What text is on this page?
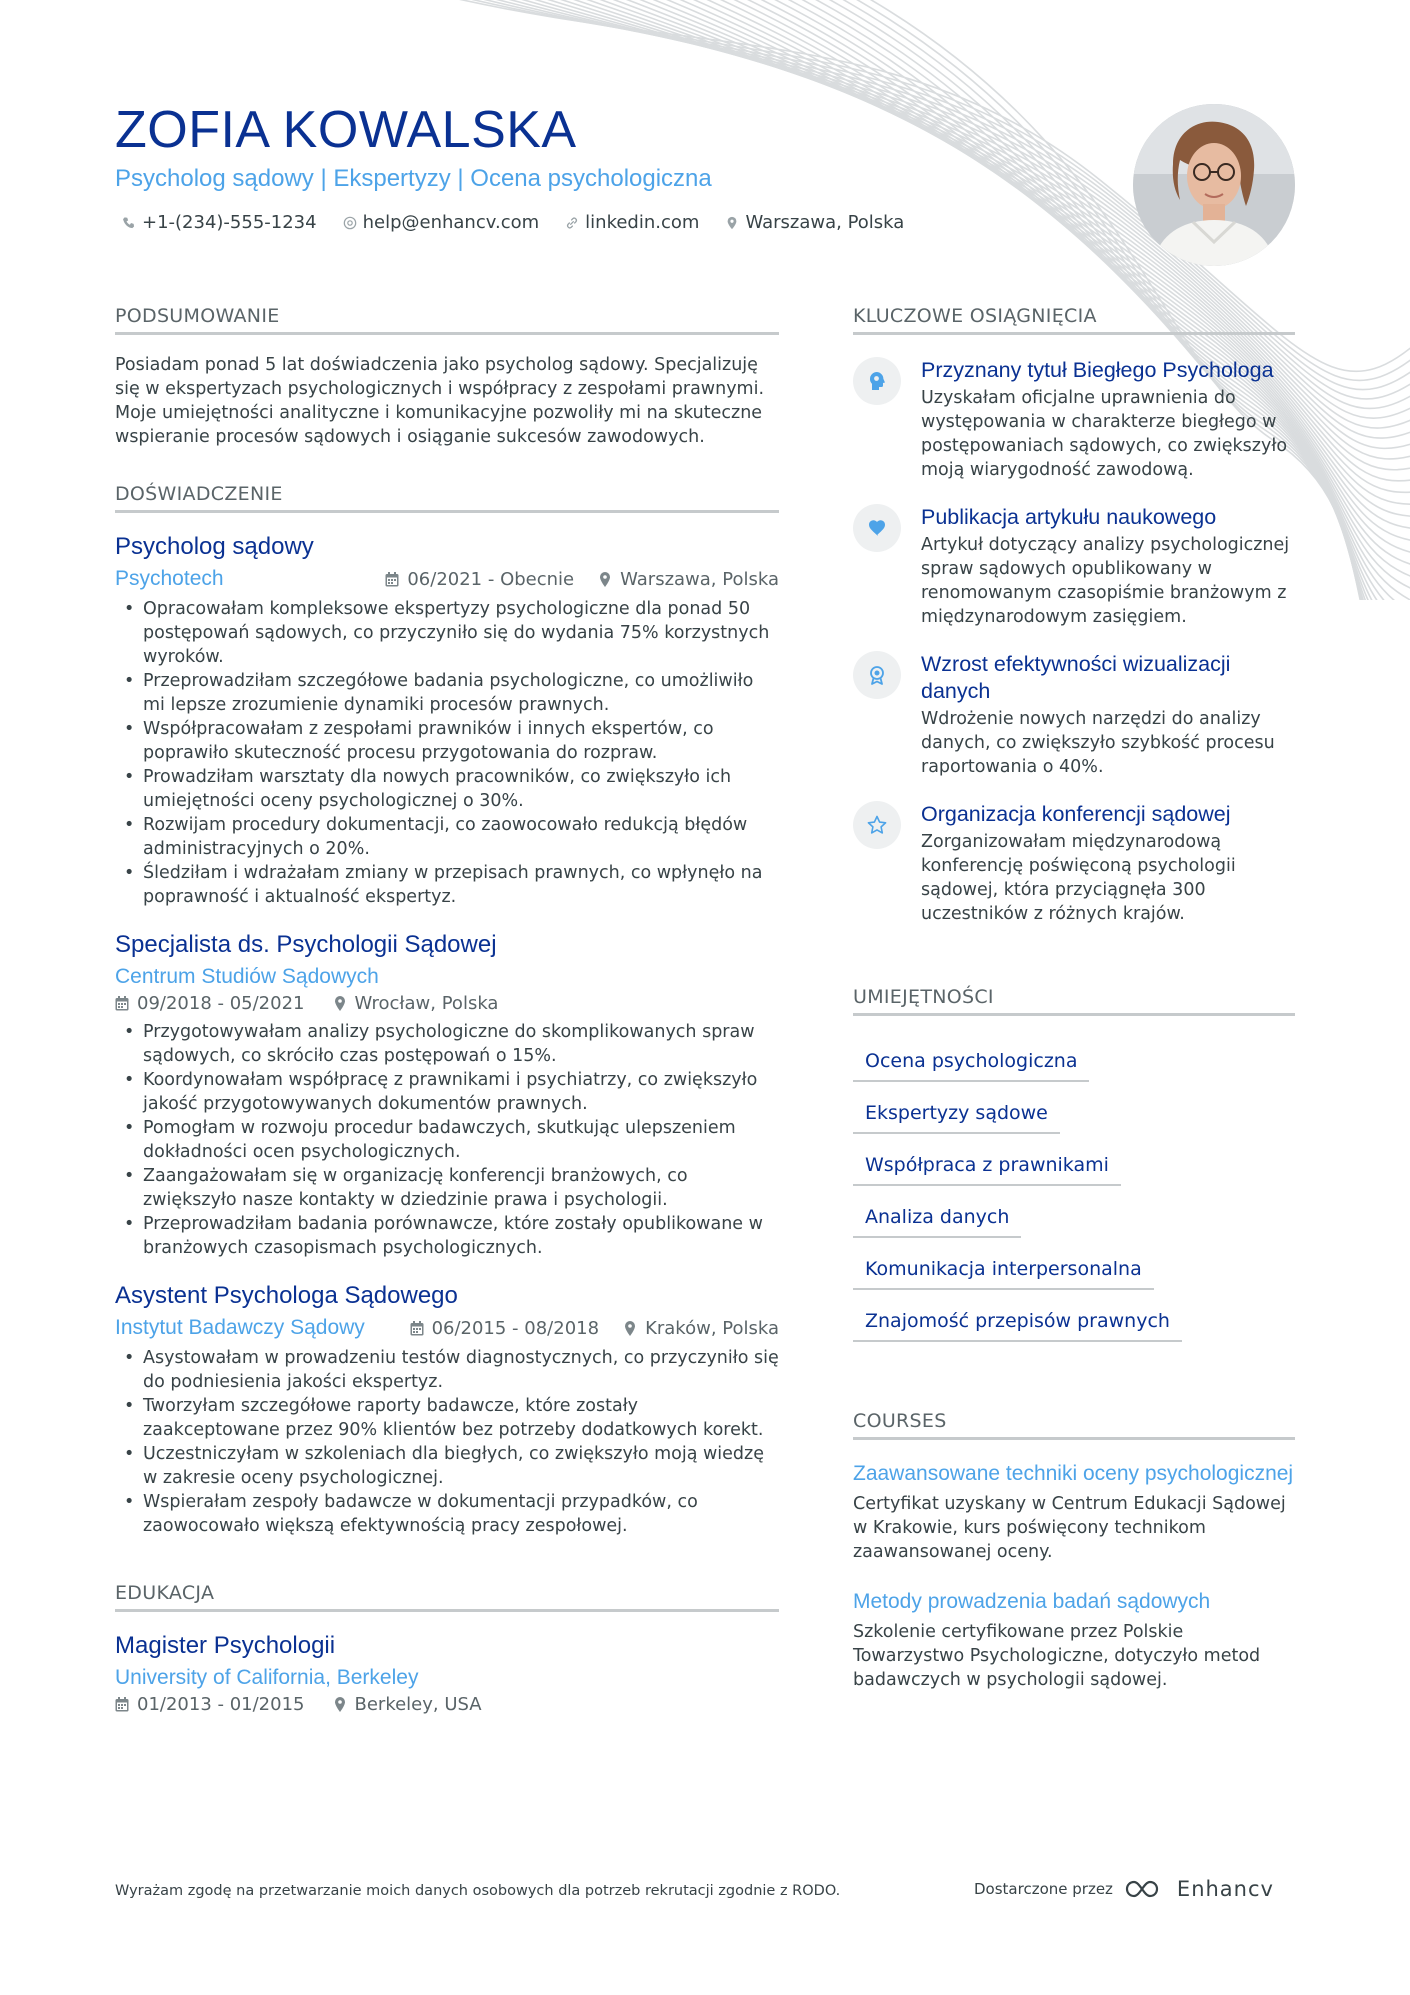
ZOFIA KOWALSKA
Psycholog sądowy | Ekspertyzy | Ocena psychologiczna
+1-(234)-555-1234	help@enhancv.com	linkedin.com	Warszawa, Polska
PODSUMOWANIE
Posiadam ponad 5 lat doświadczenia jako psycholog sądowy. Specjalizuję się w ekspertyzach psychologicznych i współpracy z zespołami prawnymi. Moje umiejętności analityczne i komunikacyjne pozwoliły mi na skuteczne wspieranie procesów sądowych i osiąganie sukcesów zawodowych.
DOŚWIADCZENIE
Psycholog sądowy
Psychotech	06/2021 - Obecnie	Warszawa, Polska
• Opracowałam kompleksowe ekspertyzy psychologiczne dla ponad 50 postępowań sądowych, co przyczyniło się do wydania 75% korzystnych wyroków.
• Przeprowadziłam szczegółowe badania psychologiczne, co umożliwiło mi lepsze zrozumienie dynamiki procesów prawnych.
• Współpracowałam z zespołami prawników i innych ekspertów, co poprawiło skuteczność procesu przygotowania do rozpraw.
• Prowadziłam warsztaty dla nowych pracowników, co zwiększyło ich umiejętności oceny psychologicznej o 30%.
• Rozwijam procedury dokumentacji, co zaowocowało redukcją błędów administracyjnych o 20%.
• Śledziłam i wdrażałam zmiany w przepisach prawnych, co wpłynęło na poprawność i aktualność ekspertyz.
Specjalista ds. Psychologii Sądowej
Centrum Studiów Sądowych
09/2018 - 05/2021	Wrocław, Polska
• Przygotowywałam analizy psychologiczne do skomplikowanych spraw sądowych, co skróciło czas postępowań o 15%.
• Koordynowałam współpracę z prawnikami i psychiatrzy, co zwiększyło jakość przygotowywanych dokumentów prawnych.
• Pomogłam w rozwoju procedur badawczych, skutkując ulepszeniem dokładności ocen psychologicznych.
• Zaangażowałam się w organizację konferencji branżowych, co zwiększyło nasze kontakty w dziedzinie prawa i psychologii.
• Przeprowadziłam badania porównawcze, które zostały opublikowane w branżowych czasopismach psychologicznych.
Asystent Psychologa Sądowego
Instytut Badawczy Sądowy	06/2015 - 08/2018	Kraków, Polska
• Asystowałam w prowadzeniu testów diagnostycznych, co przyczyniło się do podniesienia jakości ekspertyz.
• Tworzyłam szczegółowe raporty badawcze, które zostały zaakceptowane przez 90% klientów bez potrzeby dodatkowych korekt.
• Uczestniczyłam w szkoleniach dla biegłych, co zwiększyło moją wiedzę w zakresie oceny psychologicznej.
• Wspierałam zespoły badawcze w dokumentacji przypadków, co zaowocowało większą efektywnością pracy zespołowej.
EDUKACJA
Magister Psychologii
University of California, Berkeley
01/2013 - 01/2015	Berkeley, USA
KLUCZOWE OSIĄGNIĘCIA
Przyznany tytuł Biegłego Psychologa
Uzyskałam oficjalne uprawnienia do występowania w charakterze biegłego w postępowaniach sądowych, co zwiększyło moją wiarygodność zawodową.
Publikacja artykułu naukowego
Artykuł dotyczący analizy psychologicznej spraw sądowych opublikowany w renomowanym czasopiśmie branżowym z międzynarodowym zasięgiem.
Wzrost efektywności wizualizacji danych
Wdrożenie nowych narzędzi do analizy danych, co zwiększyło szybkość procesu raportowania o 40%.
Organizacja konferencji sądowej
Zorganizowałam międzynarodową konferencję poświęconą psychologii sądowej, która przyciągnęła 300 uczestników z różnych krajów.
UMIEJĘTNOŚCI
Ocena psychologiczna
Ekspertyzy sądowe
Współpraca z prawnikami
Analiza danych
Komunikacja interpersonalna
Znajomość przepisów prawnych
COURSES
Zaawansowane techniki oceny psychologicznej
Certyfikat uzyskany w Centrum Edukacji Sądowej w Krakowie, kurs poświęcony technikom zaawansowanej oceny.
Metody prowadzenia badań sądowych
Szkolenie certyfikowane przez Polskie Towarzystwo Psychologiczne, dotyczyło metod badawczych w psychologii sądowej.
Wyrażam zgodę na przetwarzanie moich danych osobowych dla potrzeb rekrutacji zgodnie z RODO.	Dostarczone przez	Enhancv
